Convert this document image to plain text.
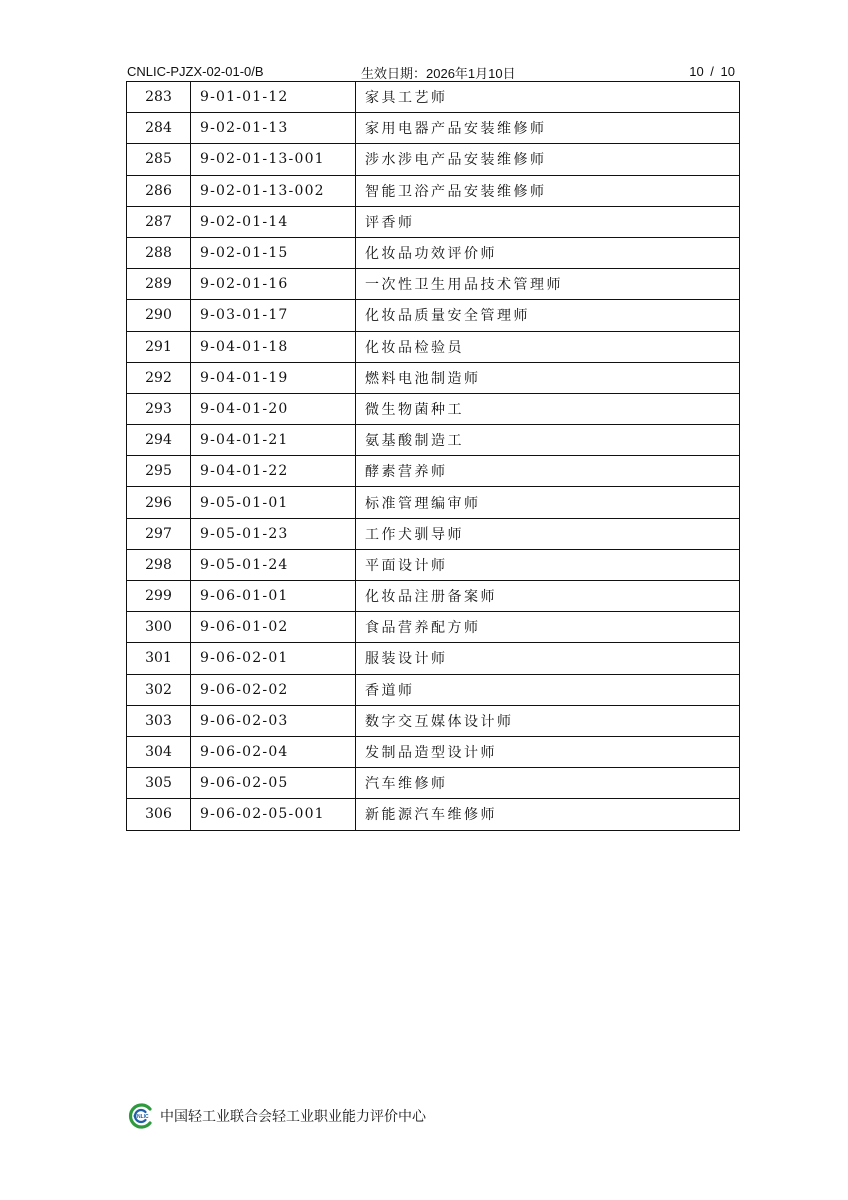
CNLIC-PJZX-02-01-0/B	生效日期：2026年1月10日	10 / 10
283	9-01-01-12	家具工艺师
284	9-02-01-13	家用电器产品安装维修师
285	9-02-01-13-001	涉水涉电产品安装维修师
286	9-02-01-13-002	智能卫浴产品安装维修师
287	9-02-01-14	评香师
288	9-02-01-15	化妆品功效评价师
289	9-02-01-16	一次性卫生用品技术管理师
290	9-03-01-17	化妆品质量安全管理师
291	9-04-01-18	化妆品检验员
292	9-04-01-19	燃料电池制造师
293	9-04-01-20	微生物菌种工
294	9-04-01-21	氨基酸制造工
295	9-04-01-22	酵素营养师
296	9-05-01-01	标准管理编审师
297	9-05-01-23	工作犬驯导师
298	9-05-01-24	平面设计师
299	9-06-01-01	化妆品注册备案师
300	9-06-01-02	食品营养配方师
301	9-06-02-01	服装设计师
302	9-06-02-02	香道师
303	9-06-02-03	数字交互媒体设计师
304	9-06-02-04	发制品造型设计师
305	9-06-02-05	汽车维修师
306	9-06-02-05-001	新能源汽车维修师
CNLIC 中国轻工业联合会轻工业职业能力评价中心
